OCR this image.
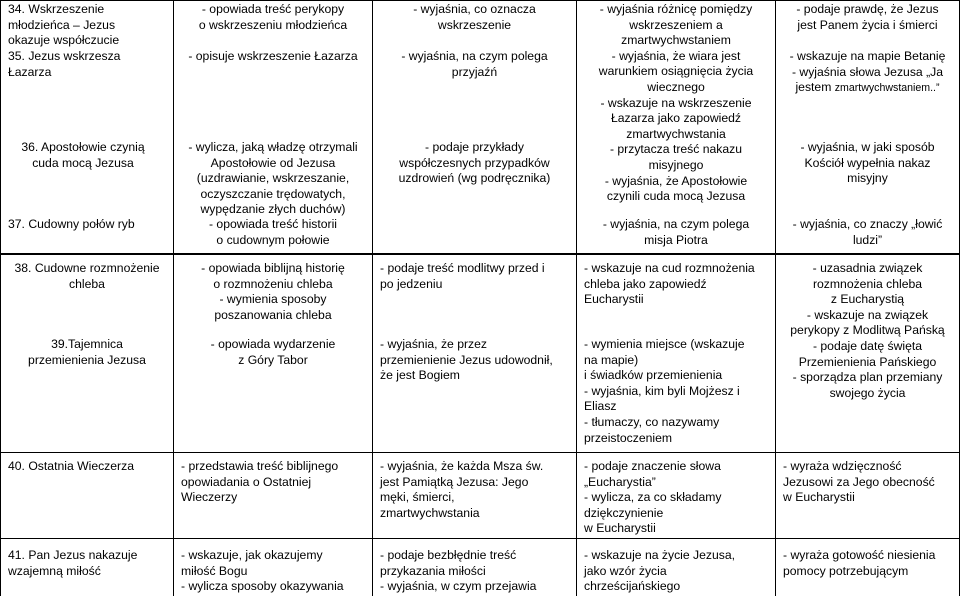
34. Wskrzeszenie
młodzieńca – Jezus
okazuje współczucie
35. Jezus wskrzesza
Łazarza
36. Apostołowie czynią
cuda mocą Jezusa
37. Cudowny połów ryb
- opowiada treść perykopy
o wskrzeszeniu młodzieńca
- opisuje wskrzeszenie Łazarza
- wylicza, jaką władzę otrzymali
Apostołowie od Jezusa
(uzdrawianie, wskrzeszanie,
oczyszczanie trędowatych,
wypędzanie złych duchów)
- opowiada treść historii
o cudownym połowie
- wyjaśnia, co oznacza
wskrzeszenie
- wyjaśnia, na czym polega
przyjaźń
- podaje przykłady
współczesnych przypadków
uzdrowień (wg podręcznika)
- wyjaśnia różnicę pomiędzy
wskrzeszeniem a
zmartwychwstaniem
- wyjaśnia, że wiara jest
warunkiem osiągnięcia życia
wiecznego
- wskazuje na wskrzeszenie
Łazarza jako zapowiedź
zmartwychwstania
- przytacza treść nakazu
misyjnego
- wyjaśnia, że Apostołowie
czynili cuda mocą Jezusa
- wyjaśnia, na czym polega
misja Piotra
- podaje prawdę, że Jezus
jest Panem życia i śmierci
- wskazuje na mapie Betanię
- wyjaśnia słowa Jezusa „Ja
jestem zmartwychwstaniem..”
- wyjaśnia, w jaki sposób
Kościół wypełnia nakaz
misyjny
- wyjaśnia, co znaczy „łowić
ludzi”
38. Cudowne rozmnożenie
chleba
39.Tajemnica
przemienienia Jezusa
- opowiada biblijną historię
o rozmnożeniu chleba
- wymienia sposoby
poszanowania chleba
- opowiada wydarzenie
z Góry Tabor
- podaje treść modlitwy przed i
po jedzeniu
- wyjaśnia, że przez
przemienienie Jezus udowodnił,
że jest Bogiem
- wskazuje na cud rozmnożenia
chleba jako zapowiedź
Eucharystii
- wymienia miejsce (wskazuje
na mapie)
i świadków przemienienia
- wyjaśnia, kim byli Mojżesz i
Eliasz
- tłumaczy, co nazywamy
przeistoczeniem
- uzasadnia związek
rozmnożenia chleba
z Eucharystią
- wskazuje na związek
perykopy z Modlitwą Pańską
- podaje datę święta
Przemienienia Pańskiego
- sporządza plan przemiany
swojego życia
40. Ostatnia Wieczerza	- przedstawia treść biblijnego
opowiadania o Ostatniej
Wieczerzy
- wyjaśnia, że każda Msza św.
jest Pamiątką Jezusa: Jego
męki, śmierci,
zmartwychwstania
- podaje znaczenie słowa
„Eucharystia”
- wylicza, za co składamy
dziękczynienie
w Eucharystii
- wyraża wdzięczność
Jezusowi za Jego obecność
w Eucharystii
41. Pan Jezus nakazuje
wzajemną miłość
- wskazuje, jak okazujemy
miłość Bogu
- wylicza sposoby okazywania
- podaje bezbłędnie treść
przykazania miłości
- wyjaśnia, w czym przejawia
- wskazuje na życie Jezusa,
jako wzór życia
chrześcijańskiego
- wyraża gotowość niesienia
pomocy potrzebującym
